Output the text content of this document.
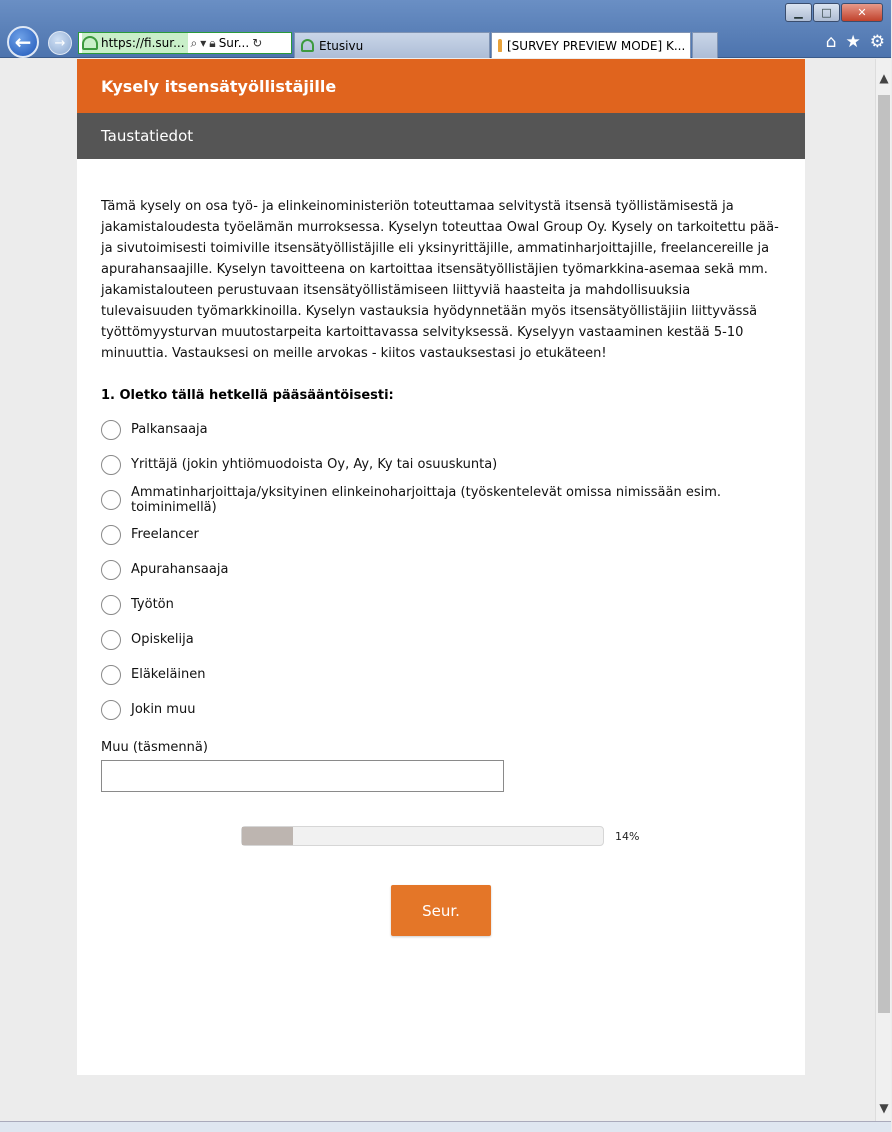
▁	□	✕
← →	https://fi.sur... ⌕ ▾ 🔒︎ Sur... ↻	Etusivu	[SURVEY PREVIEW MODE] K...	⌂ ★ ⚙
Kysely itsensätyöllistäjille
Taustatiedot

Tämä kysely on osa työ- ja elinkeinoministeriön toteuttamaa selvitystä itsensä työllistämisestä ja jakamistaloudesta työelämän murroksessa. Kyselyn toteuttaa Owal Group Oy. Kysely on tarkoitettu pää- ja sivutoimisesti toimiville itsensätyöllistäjille eli yksinyrittäjille, ammatinharjoittajille, freelancereille ja apurahansaajille. Kyselyn tavoitteena on kartoittaa itsensätyöllistäjien työmarkkina-asemaa sekä mm. jakamistalouteen perustuvaan itsensätyöllistämiseen liittyviä haasteita ja mahdollisuuksia tulevaisuuden työmarkkinoilla. Kyselyn vastauksia hyödynnetään myös itsensätyöllistäjiin liittyvässä työttömyysturvan muutostarpeita kartoittavassa selvityksessä. Kyselyyn vastaaminen kestää 5-10 minuuttia. Vastauksesi on meille arvokas - kiitos vastauksestasi jo etukäteen!

1. Oletko tällä hetkellä pääsääntöisesti:
Palkansaaja
Yrittäjä (jokin yhtiömuodoista Oy, Ay, Ky tai osuuskunta)
Ammatinharjoittaja/yksityinen elinkeinoharjoittaja (työskentelevät omissa nimissään esim. toiminimellä)
Freelancer
Apurahansaaja
Työtön
Opiskelija
Eläkeläinen
Jokin muu
Muu (täsmennä)
14%
Seur.
▲
▼
